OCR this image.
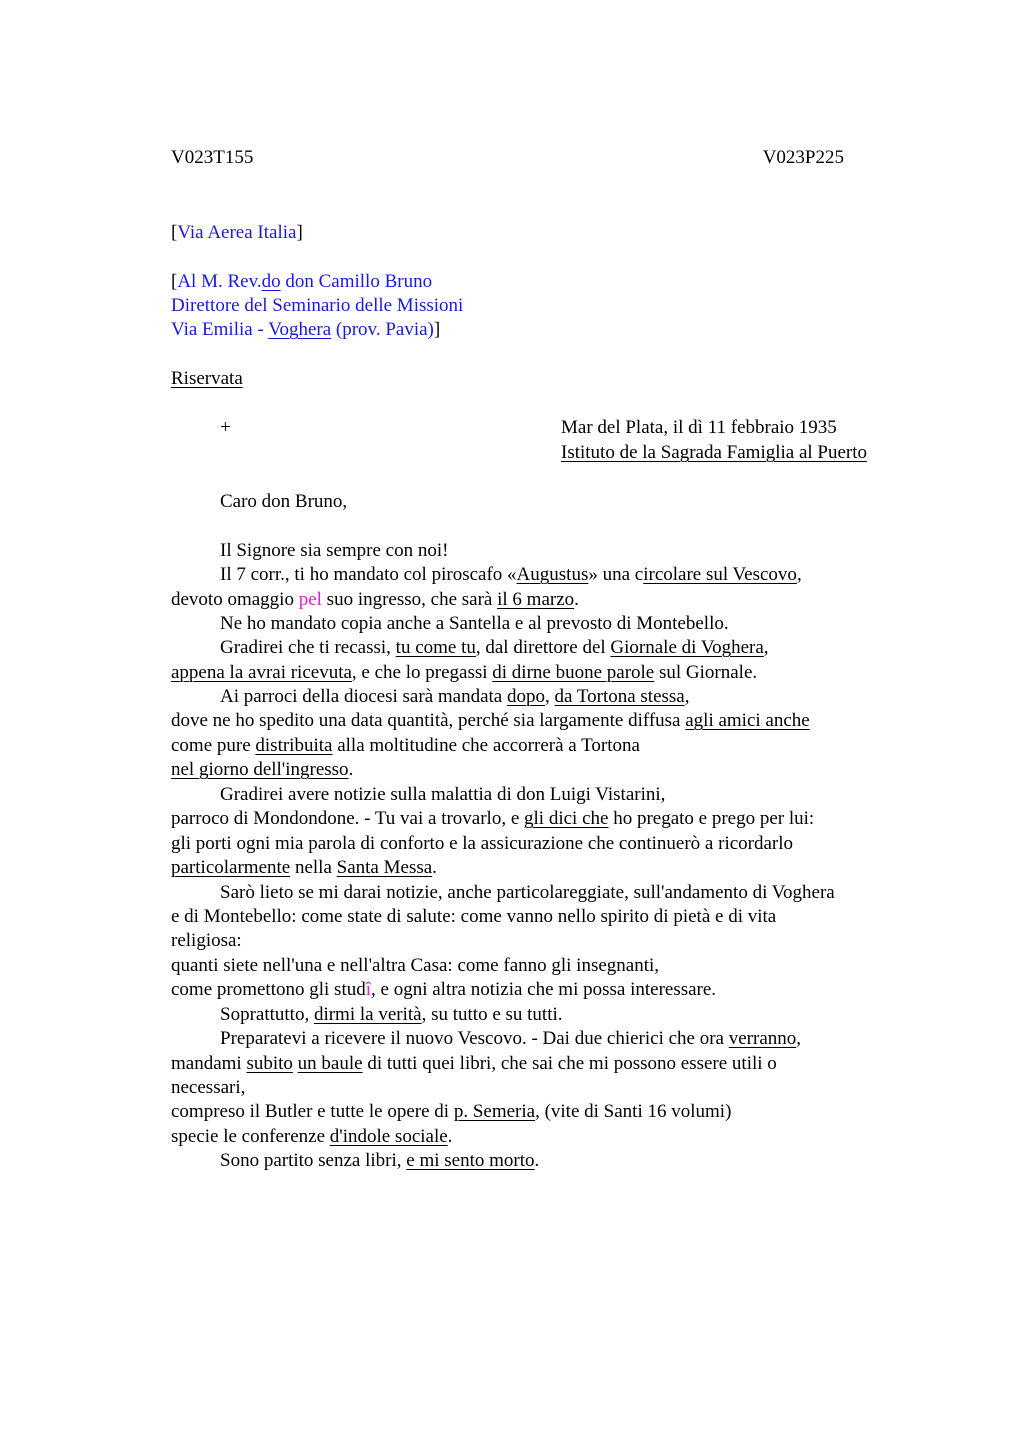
V023T155	V023P225
[Via Aerea Italia]
[Al M. Rev.do don Camillo Bruno
Direttore del Seminario delle Missioni
Via Emilia - Voghera (prov. Pavia)]
Riservata
+	Mar del Plata, il dì 11 febbraio 1935
Istituto de la Sagrada Famiglia al Puerto
Caro don Bruno,
Il Signore sia sempre con noi!
Il 7 corr., ti ho mandato col piroscafo «Augustus» una circolare sul Vescovo,
devoto omaggio pel suo ingresso, che sarà il 6 marzo.
Ne ho mandato copia anche a Santella e al prevosto di Montebello.
Gradirei che ti recassi, tu come tu, dal direttore del Giornale di Voghera,
appena la avrai ricevuta, e che lo pregassi di dirne buone parole sul Giornale.
Ai parroci della diocesi sarà mandata dopo, da Tortona stessa,
dove ne ho spedito una data quantità, perché sia largamente diffusa agli amici anche
come pure distribuita alla moltitudine che accorrerà a Tortona
nel giorno dell'ingresso.
Gradirei avere notizie sulla malattia di don Luigi Vistarini,
parroco di Mondondone. - Tu vai a trovarlo, e gli dici che ho pregato e prego per lui:
gli porti ogni mia parola di conforto e la assicurazione che continuerò a ricordarlo
particolarmente nella Santa Messa.
Sarò lieto se mi darai notizie, anche particolareggiate, sull'andamento di Voghera
e di Montebello: come state di salute: come vanno nello spirito di pietà e di vita
religiosa:
quanti siete nell'una e nell'altra Casa: come fanno gli insegnanti,
come promettono gli studî, e ogni altra notizia che mi possa interessare.
Soprattutto, dirmi la verità, su tutto e su tutti.
Preparatevi a ricevere il nuovo Vescovo. - Dai due chierici che ora verranno,
mandami subito un baule di tutti quei libri, che sai che mi possono essere utili o
necessari,
compreso il Butler e tutte le opere di p. Semeria, (vite di Santi 16 volumi)
specie le conferenze d'indole sociale.
Sono partito senza libri, e mi sento morto.
